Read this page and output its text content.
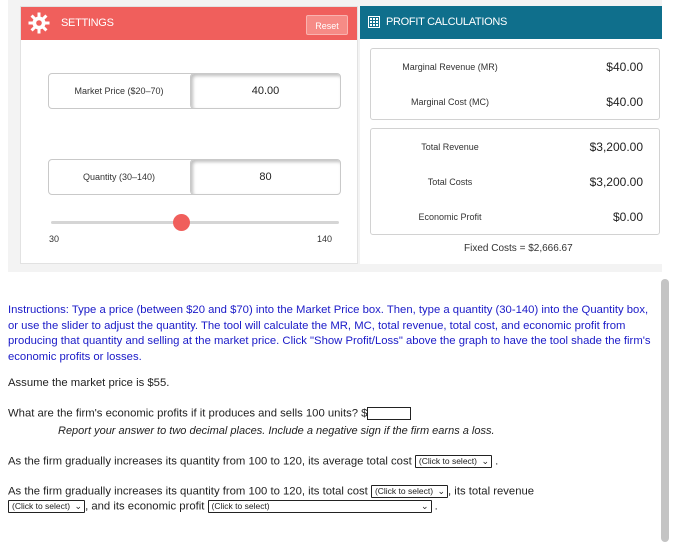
SETTINGS	Reset
Market Price ($20–70)	40.00
Quantity (30–140)	80
30	140
PROFIT CALCULATIONS
Marginal Revenue (MR)	$40.00
Marginal Cost (MC)	$40.00
Total Revenue	$3,200.00
Total Costs	$3,200.00
Economic Profit	$0.00
Fixed Costs = $2,666.67
Instructions: Type a price (between $20 and $70) into the Market Price box. Then, type a quantity (30-140) into the Quantity box, or use the slider to adjust the quantity. The tool will calculate the MR, MC, total revenue, total cost, and economic profit from producing that quantity and selling at the market price. Click "Show Profit/Loss" above the graph to have the tool shade the firm's economic profits or losses.
Assume the market price is $55.
What are the firm's economic profits if it produces and sells 100 units? $
Report your answer to two decimal places. Include a negative sign if the firm earns a loss.
As the firm gradually increases its quantity from 100 to 120, its average total cost (Click to select) ⌄ .
As the firm gradually increases its quantity from 100 to 120, its total cost (Click to select) ⌄ , its total revenue
(Click to select) ⌄ , and its economic profit (Click to select)	⌄ .
